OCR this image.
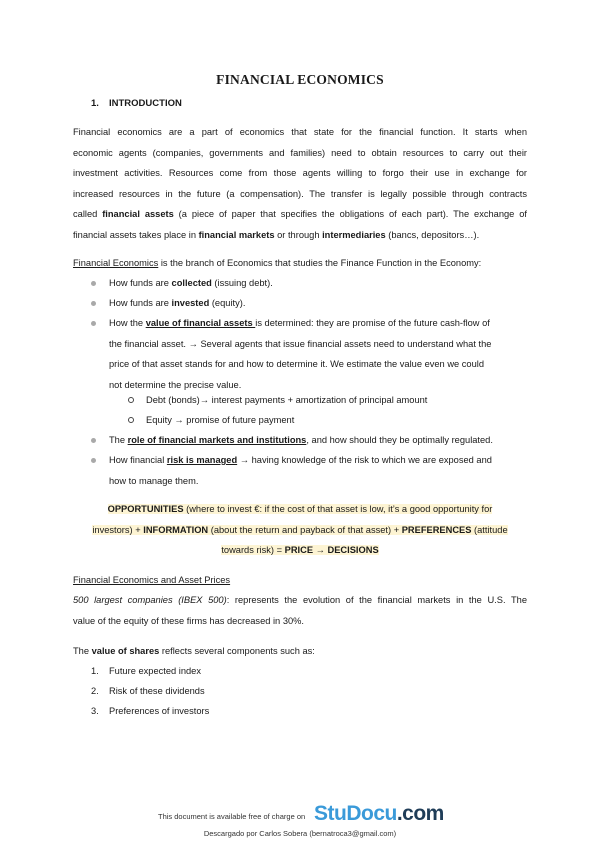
FINANCIAL ECONOMICS
1. INTRODUCTION
Financial economics are a part of economics that state for the financial function. It starts when
economic agents (companies, governments and families) need to obtain resources to carry out their
investment activities. Resources come from those agents willing to forgo their use in exchange for
increased resources in the future (a compensation). The transfer is legally possible through contracts
called financial assets (a piece of paper that specifies the obligations of each part). The exchange of
financial assets takes place in financial markets or through intermediaries (bancs, depositors…).
Financial Economics is the branch of Economics that studies the Finance Function in the Economy:
How funds are collected (issuing debt).
How funds are invested (equity).
How the value of financial assets is determined: they are promise of the future cash-flow of
the financial asset. → Several agents that issue financial assets need to understand what the
price of that asset stands for and how to determine it. We estimate the value even we could
not determine the precise value.
Debt (bonds)→ interest payments + amortization of principal amount
Equity → promise of future payment
The role of financial markets and institutions, and how should they be optimally regulated.
How financial risk is managed → having knowledge of the risk to which we are exposed and
how to manage them.
OPPORTUNITIES (where to invest €: if the cost of that asset is low, it’s a good opportunity for
investors) + INFORMATION (about the return and payback of that asset) + PREFERENCES (attitude
towards risk) = PRICE → DECISIONS
Financial Economics and Asset Prices
500 largest companies (IBEX 500): represents the evolution of the financial markets in the U.S. The
value of the equity of these firms has decreased in 30%.
The value of shares reflects several components such as:
1. Future expected index
2. Risk of these dividends
3. Preferences of investors
This document is available free of charge on StuDocu.com
Descargado por Carlos Sobera (bernatroca3@gmail.com)
